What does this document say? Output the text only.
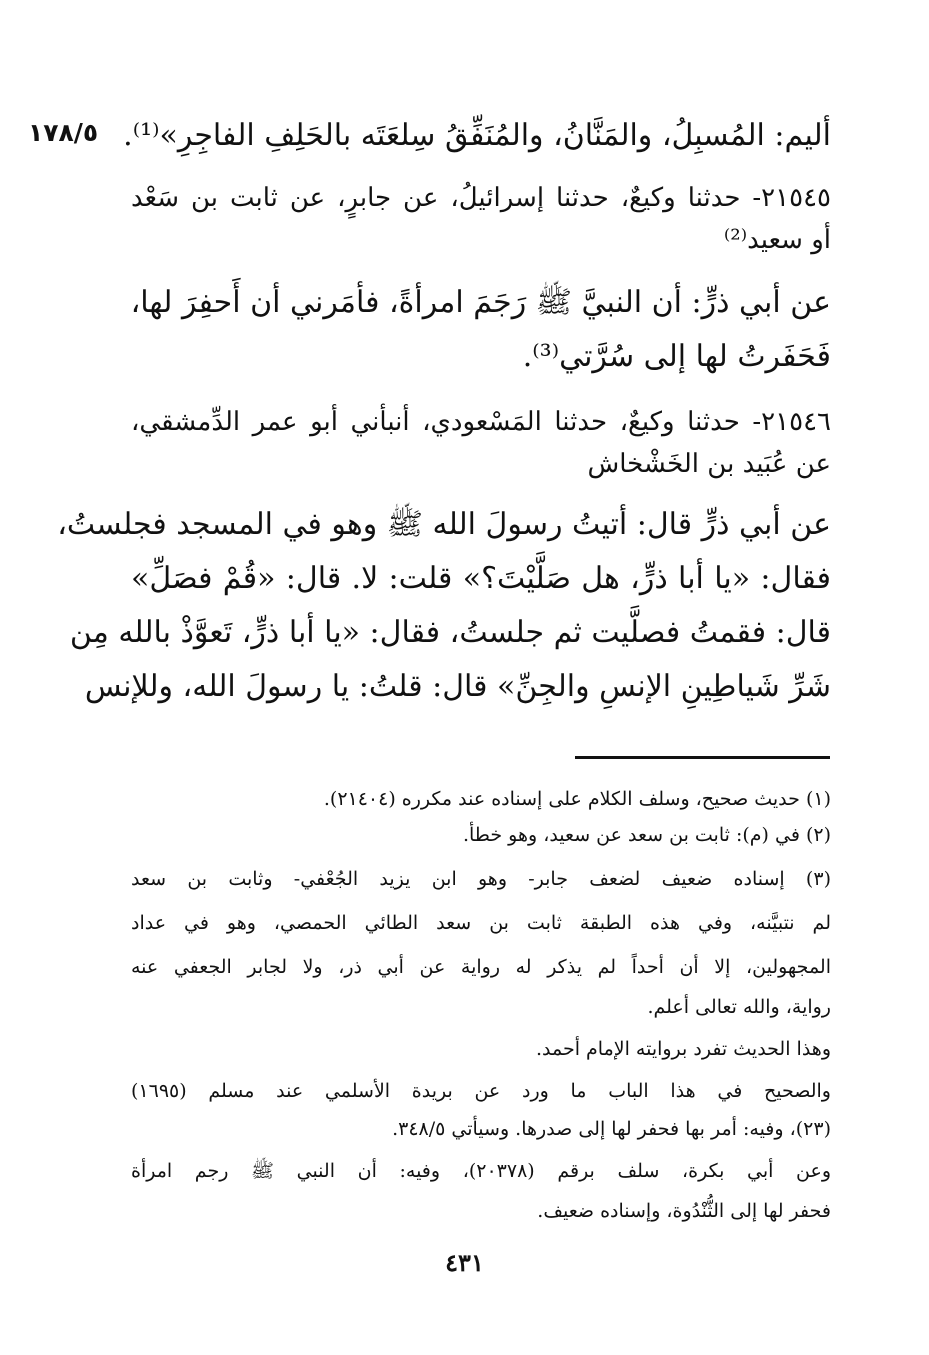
١٧٨/٥ أليم: المُسبِلُ، والمَنَّانُ، والمُنَفِّقُ سِلعَتَه بالحَلِفِ الفاجِرِ»⁽¹⁾.
٢١٥٤٥- حدثنا وكيعٌ، حدثنا إسرائيلُ، عن جابرٍ، عن ثابت بن سَعْد
أو سعيد⁽²⁾
عن أبي ذرٍّ: أن النبيَّ ﷺ رَجَمَ امرأةً، فأمَرني أن أَحفِرَ لها،
فَحَفَرتُ لها إلى سُرَّتي⁽³⁾.
٢١٥٤٦- حدثنا وكيعٌ، حدثنا المَسْعودي، أنبأني أبو عمر الدِّمشقي،
عن عُبَيد بن الخَشْخاش
عن أبي ذرٍّ قال: أتيتُ رسولَ الله ﷺ وهو في المسجد فجلستُ،
فقال: «يا أبا ذرٍّ، هل صَلَّيْتَ؟» قلت: لا. قال: «قُمْ فصَلِّ»
قال: فقمتُ فصلَّيت ثم جلستُ، فقال: «يا أبا ذرٍّ، تَعوَّذْ بالله مِن
شَرِّ شَياطِينِ الإنسِ والجِنِّ» قال: قلتُ: يا رسولَ الله، وللإنس
(١) حديث صحيح، وسلف الكلام على إسناده عند مكرره (٢١٤٠٤).
(٢) في (م): ثابت بن سعد عن سعيد، وهو خطأ.
(٣) إسناده ضعيف لضعف جابر- وهو ابن يزيد الجُعْفي- وثابت بن سعد
لم نتبيَّنه، وفي هذه الطبقة ثابت بن سعد الطائي الحمصي، وهو في عداد
المجهولين، إلا أن أحداً لم يذكر له رواية عن أبي ذر، ولا لجابر الجعفي عنه
رواية، والله تعالى أعلم.
وهذا الحديث تفرد بروايته الإمام أحمد.
والصحيح في هذا الباب ما ورد عن بريدة الأسلمي عند مسلم (١٦٩٥)
(٢٣)، وفيه: أمر بها فحفر لها إلى صدرها. وسيأتي ٣٤٨/٥.
وعن أبي بكرة، سلف برقم (٢٠٣٧٨)، وفيه: أن النبي ﷺ رجم امرأة
فحفر لها إلى الثُّنْدُوة، وإسناده ضعيف.
٤٣١
